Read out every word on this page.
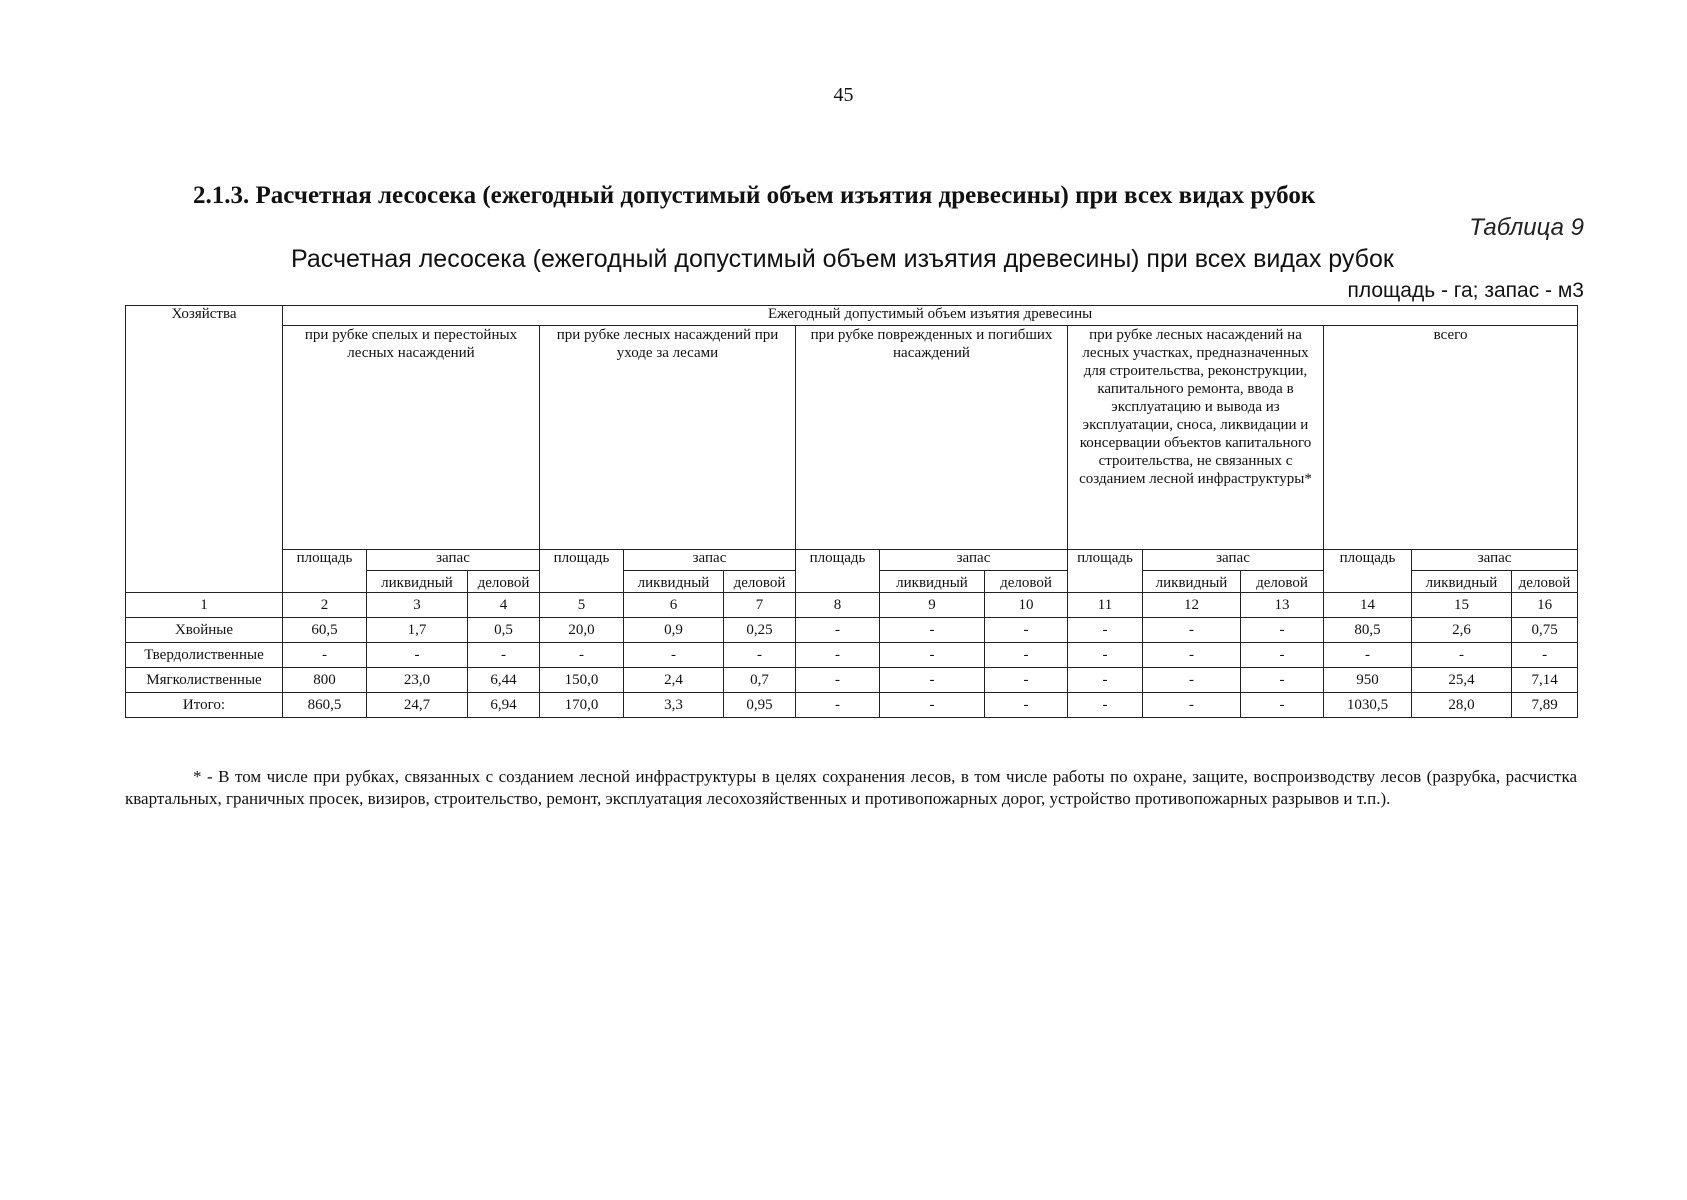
45
2.1.3. Расчетная лесосека (ежегодный допустимый объем изъятия древесины) при всех видах рубок
Таблица 9
Расчетная лесосека (ежегодный допустимый объем изъятия древесины) при всех видах рубок
площадь - га; запас - м3
Хозяйства	Ежегодный допустимый объем изъятия древесины														
	при рубке спелых и перестойных лесных насаждений			при рубке лесных насаждений при уходе за лесами			при рубке поврежденных и погибших насаждений			при рубке лесных насаждений на лесных участках, предназначенных для строительства, реконструкции, капитального ремонта, ввода в эксплуатацию и вывода из эксплуатации, сноса, ликвидации и консервации объектов капитального строительства, не связанных с созданием лесной инфраструктуры*			всего		
	площадь	запас		площадь	запас		площадь	запас		площадь	запас		площадь	запас	
		ликвидный	деловой		ликвидный	деловой		ликвидный	деловой		ликвидный	деловой		ликвидный	деловой
1	2	3	4	5	6	7	8	9	10	11	12	13	14	15	16
Хвойные	60,5	1,7	0,5	20,0	0,9	0,25	-	-	-	-	-	-	80,5	2,6	0,75
Твердолиственные	-	-	-	-	-	-	-	-	-	-	-	-	-	-	-
Мягколиственные	800	23,0	6,44	150,0	2,4	0,7	-	-	-	-	-	-	950	25,4	7,14
Итого:	860,5	24,7	6,94	170,0	3,3	0,95	-	-	-	-	-	-	1030,5	28,0	7,89
* - В том числе при рубках, связанных с созданием лесной инфраструктуры в целях сохранения лесов, в том числе работы по охране, защите, воспроизводству лесов (разрубка, расчистка квартальных, граничных просек, визиров, строительство, ремонт, эксплуатация лесохозяйственных и противопожарных дорог, устройство противопожарных разрывов и т.п.).
